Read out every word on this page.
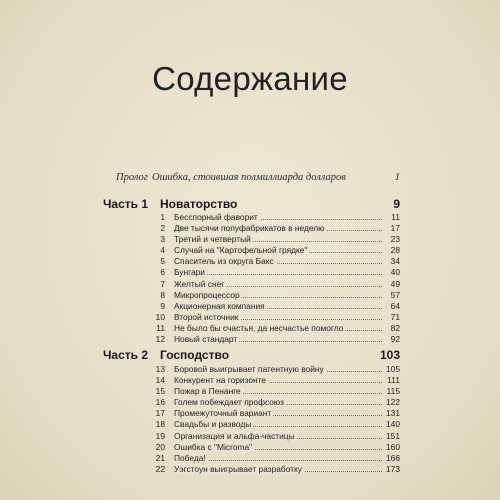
Содержание
Пролог Ошибка, стоившая полмиллиарда долларов	1
Часть 1 Новаторство	9
1 Бесспорный фаворит	11
2 Две тысячи полуфабрикатов в неделю	17
3 Третий и четвертый	23
4 Случай на "Картофельной грядке"	28
5 Спаситель из округа Бакс	34
6 Бунгари	40
7 Желтый снег	49
8 Микропроцессор	57
9 Акционерная компания	64
10 Второй источник	71
11 Не было бы счастья, да несчастье помогло	82
12 Новый стандарт	92
Часть 2 Господство	103
13 Боровой выигрывает патентную войну	105
14 Конкурент на горизонте	111
15 Пожар в Пенанге	115
16 Голем побеждает профсоюз	122
17 Промежуточный вариант	131
18 Свадьбы и разводы	140
19 Организация и альфа-частицы	151
20 Ошибка с "Microma"	160
21 Победа!	166
22 Уэгстоун выигрывает разработку	173
